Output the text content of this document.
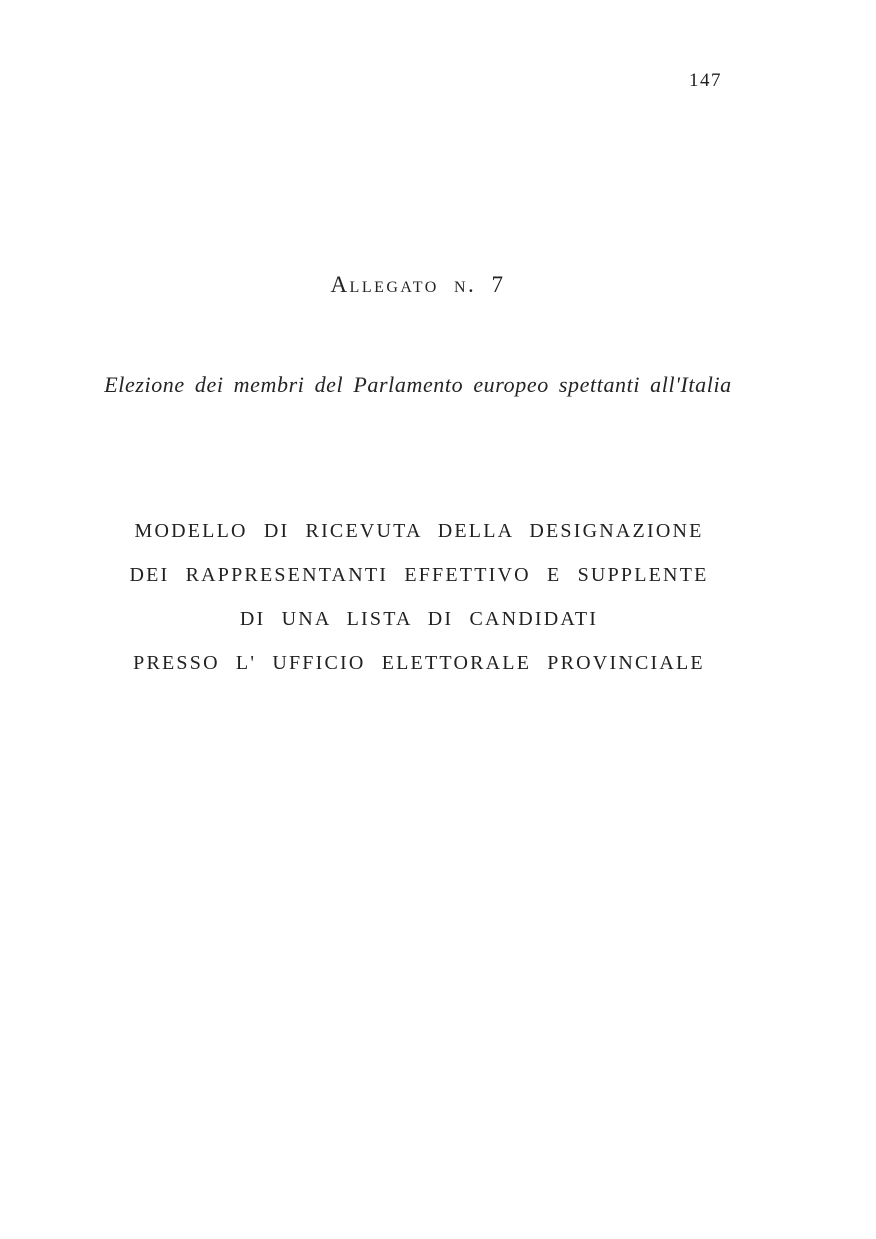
147
Allegato n. 7
Elezione dei membri del Parlamento europeo spettanti all'Italia
MODELLO DI RICEVUTA DELLA DESIGNAZIONE
DEI RAPPRESENTANTI EFFETTIVO E SUPPLENTE
DI UNA LISTA DI CANDIDATI
PRESSO L' UFFICIO ELETTORALE PROVINCIALE
